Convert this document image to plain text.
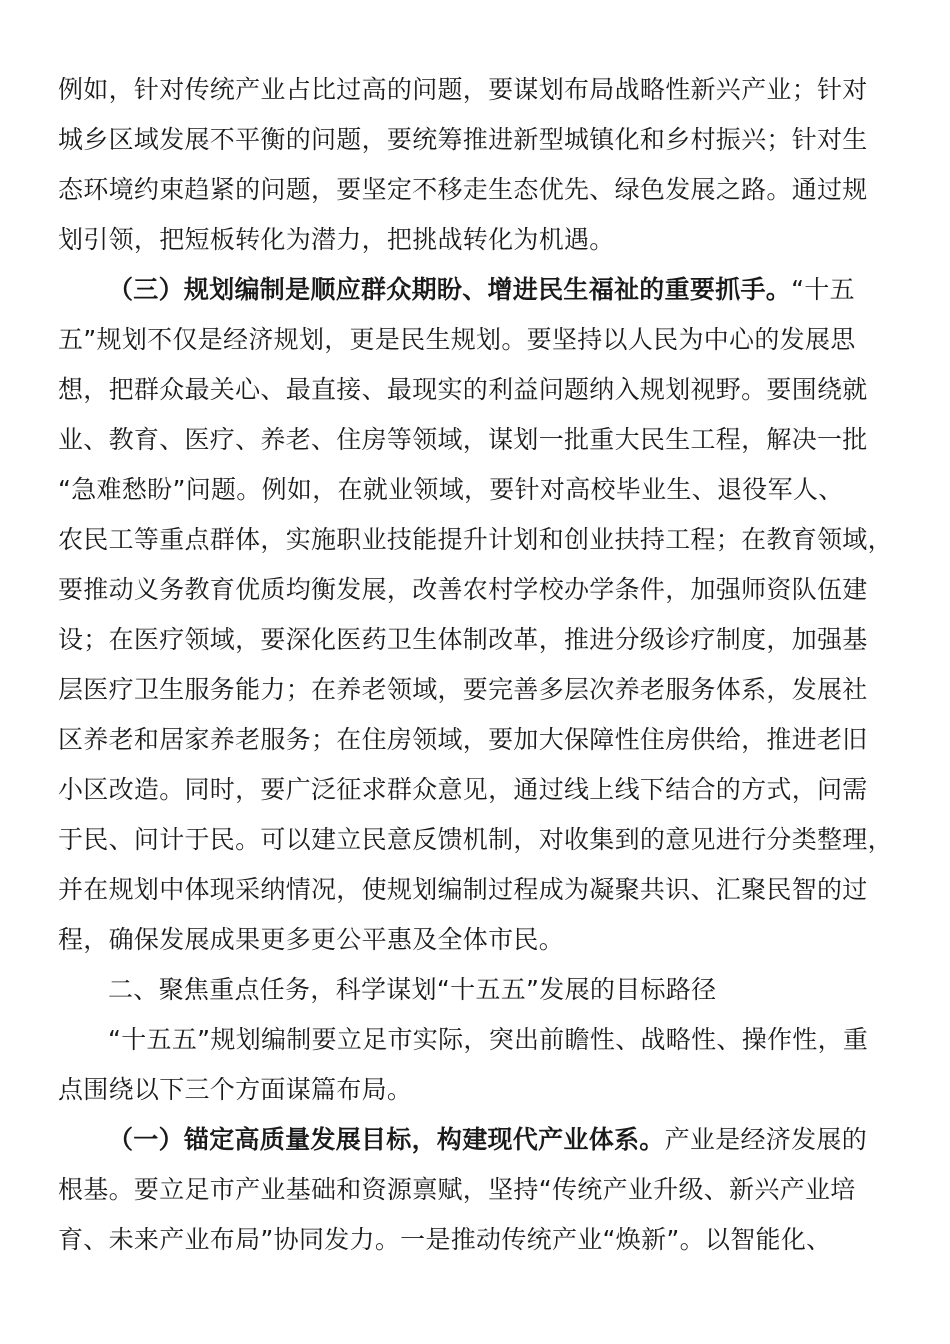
例如，针对传统产业占比过高的问题，要谋划布局战略性新兴产业；针对
城乡区域发展不平衡的问题，要统筹推进新型城镇化和乡村振兴；针对生
态环境约束趋紧的问题，要坚定不移走生态优先、绿色发展之路。通过规
划引领，把短板转化为潜力，把挑战转化为机遇。
（三）规划编制是顺应群众期盼、增进民生福祉的重要抓手。“十五
五”规划不仅是经济规划，更是民生规划。要坚持以人民为中心的发展思
想，把群众最关心、最直接、最现实的利益问题纳入规划视野。要围绕就
业、教育、医疗、养老、住房等领域，谋划一批重大民生工程，解决一批
“急难愁盼”问题。例如，在就业领域，要针对高校毕业生、退役军人、
农民工等重点群体，实施职业技能提升计划和创业扶持工程；在教育领域，
要推动义务教育优质均衡发展，改善农村学校办学条件，加强师资队伍建
设；在医疗领域，要深化医药卫生体制改革，推进分级诊疗制度，加强基
层医疗卫生服务能力；在养老领域，要完善多层次养老服务体系，发展社
区养老和居家养老服务；在住房领域，要加大保障性住房供给，推进老旧
小区改造。同时，要广泛征求群众意见，通过线上线下结合的方式，问需
于民、问计于民。可以建立民意反馈机制，对收集到的意见进行分类整理，
并在规划中体现采纳情况，使规划编制过程成为凝聚共识、汇聚民智的过
程，确保发展成果更多更公平惠及全体市民。
二、聚焦重点任务，科学谋划“十五五”发展的目标路径
“十五五”规划编制要立足市实际，突出前瞻性、战略性、操作性，重
点围绕以下三个方面谋篇布局。
（一）锚定高质量发展目标，构建现代产业体系。产业是经济发展的
根基。要立足市产业基础和资源禀赋，坚持“传统产业升级、新兴产业培
育、未来产业布局”协同发力。一是推动传统产业“焕新”。以智能化、
